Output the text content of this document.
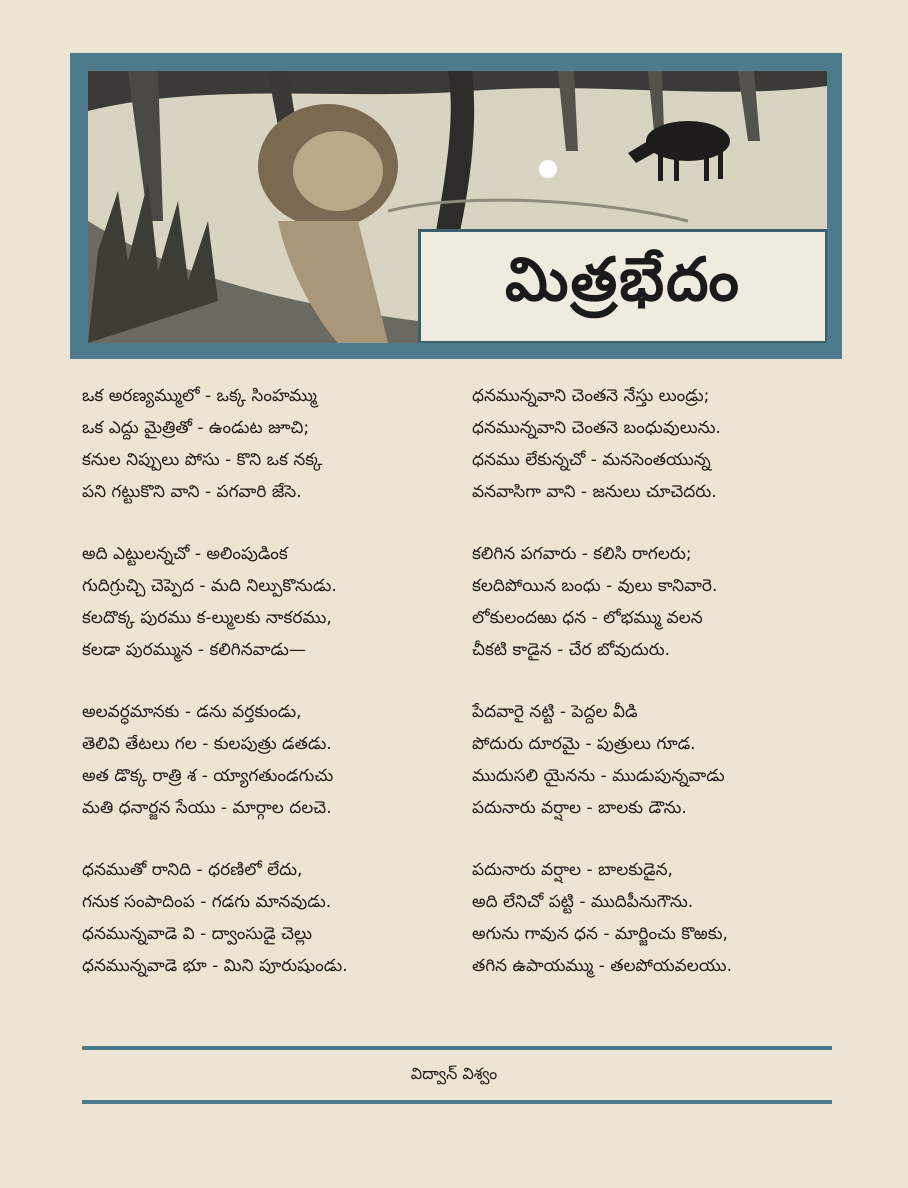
మిత్రభేదం
ఒక అరణ్యమ్ములో - ఒక్క సింహమ్ము
ఒక ఎద్దు మైత్రితో - ఉండుట జూచి;
కనుల నిప్పులు పోసు - కొని ఒక నక్క
పని గట్టుకొని వాని - పగవారి జేసె.
అది ఎట్టులన్నచో - అలింపుడింక
గుదిగ్రుచ్చి చెప్పెద - మది నిల్పుకొనుడు.
కలదొక్క పురము క-ల్ములకు నాకరము,
కలడా పురమ్మున - కలిగినవాడు—
అలవర్ధమానకు - డను వర్తకుండు,
తెలివి తేటలు గల - కులపుత్రు డతడు.
అత డొక్క రాత్రి శ - య్యాగతుండగుచు
మతి ధనార్జన సేయు - మార్గాల దలచె.
ధనముతో రానిది - ధరణిలో లేదు,
గనుక సంపాదింప - గడగు మానవుడు.
ధనమున్నవాడె వి - ద్వాంసుడై చెల్లు
ధనమున్నవాడె భూ - మిని పూరుషుండు.
ధనమున్నవాని చెంతనె నేస్తు లుండ్రు;
ధనమున్నవాని చెంతనె బంధువులును.
ధనము లేకున్నచో - మనసెంతయున్న
వనవాసిగా వాని - జనులు చూచెదరు.
కలిగిన పగవారు - కలిసి రాగలరు;
కలదిపోయిన బంధు - వులు కానివారె.
లోకులందఱు ధన - లోభమ్ము వలన
చీకటి కాడైన - చేర బోవుదురు.
పేదవారై నట్టి - పెద్దల వీడి
పోదురు దూరమై - పుత్రులు గూడ.
ముదుసలి యైనను - ముడుపున్నవాడు
పదునారు వర్షాల - బాలకు డౌను.
పదునారు వర్షాల - బాలకుడైన,
అది లేనిచో పట్టి - ముదిపీనుగౌను.
అగును గావున ధన - మార్జించు కొఱకు,
తగిన ఉపాయమ్ము - తలపోయవలయు.
విద్వాన్ విశ్వం
